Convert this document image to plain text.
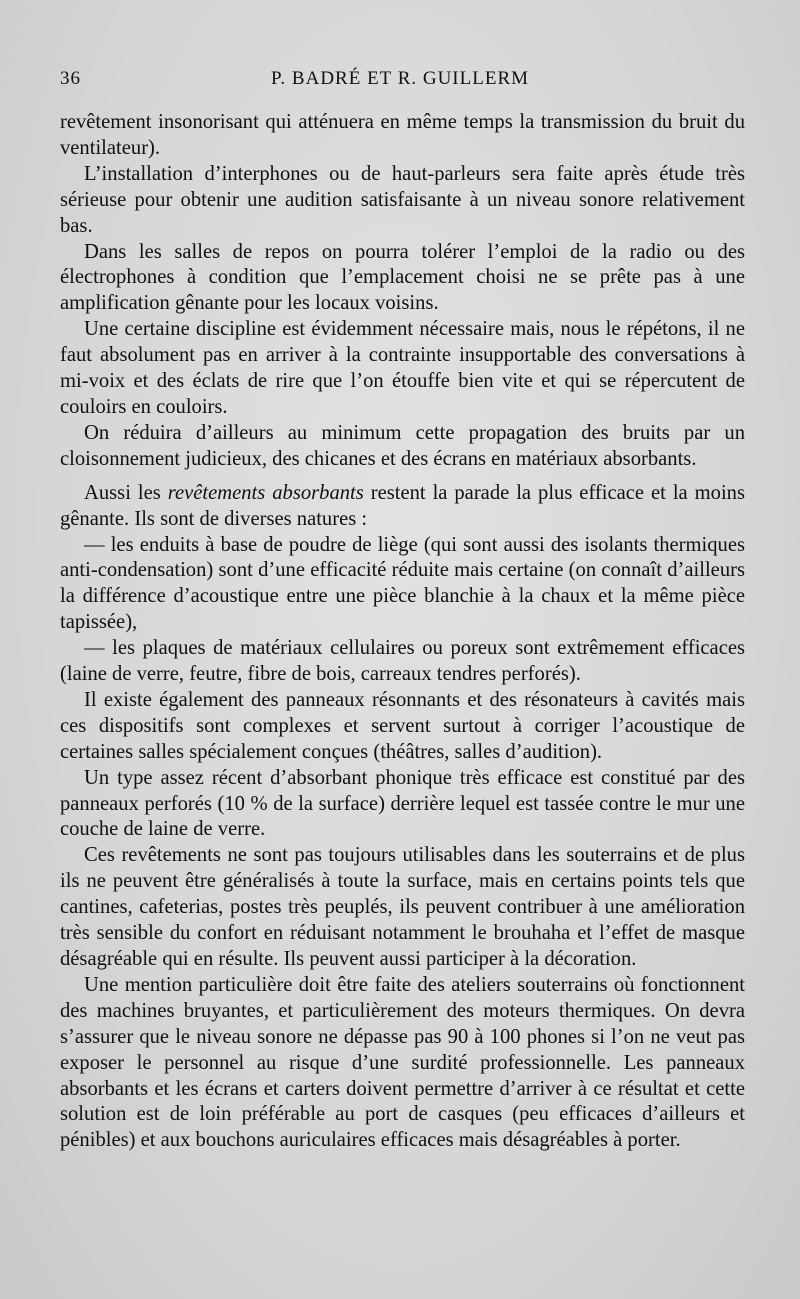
36	P. BADRÉ ET R. GUILLERM

revêtement insonorisant qui atténuera en même temps la transmission du bruit du ventilateur).

L’installation d’interphones ou de haut-parleurs sera faite après étude très sérieuse pour obtenir une audition satisfaisante à un niveau sonore relativement bas.

Dans les salles de repos on pourra tolérer l’emploi de la radio ou des électrophones à condition que l’emplacement choisi ne se prête pas à une amplification gênante pour les locaux voisins.

Une certaine discipline est évidemment nécessaire mais, nous le répétons, il ne faut absolument pas en arriver à la contrainte insupportable des conversations à mi-voix et des éclats de rire que l’on étouffe bien vite et qui se répercutent de couloirs en couloirs.

On réduira d’ailleurs au minimum cette propagation des bruits par un cloisonnement judicieux, des chicanes et des écrans en matériaux absorbants.

Aussi les revêtements absorbants restent la parade la plus efficace et la moins gênante. Ils sont de diverses natures :

— les enduits à base de poudre de liège (qui sont aussi des isolants thermiques anti-condensation) sont d’une efficacité réduite mais certaine (on connaît d’ailleurs la différence d’acoustique entre une pièce blanchie à la chaux et la même pièce tapissée),

— les plaques de matériaux cellulaires ou poreux sont extrêmement efficaces (laine de verre, feutre, fibre de bois, carreaux tendres perforés).

Il existe également des panneaux résonnants et des résonateurs à cavités mais ces dispositifs sont complexes et servent surtout à corriger l’acoustique de certaines salles spécialement conçues (théâtres, salles d’audition).

Un type assez récent d’absorbant phonique très efficace est constitué par des panneaux perforés (10 % de la surface) derrière lequel est tassée contre le mur une couche de laine de verre.

Ces revêtements ne sont pas toujours utilisables dans les souterrains et de plus ils ne peuvent être généralisés à toute la surface, mais en certains points tels que cantines, cafeterias, postes très peuplés, ils peuvent contribuer à une amélioration très sensible du confort en réduisant notamment le brouhaha et l’effet de masque désagréable qui en résulte. Ils peuvent aussi participer à la décoration.

Une mention particulière doit être faite des ateliers souterrains où fonctionnent des machines bruyantes, et particulièrement des moteurs thermiques. On devra s’assurer que le niveau sonore ne dépasse pas 90 à 100 phones si l’on ne veut pas exposer le personnel au risque d’une surdité professionnelle. Les panneaux absorbants et les écrans et carters doivent permettre d’arriver à ce résultat et cette solution est de loin préférable au port de casques (peu efficaces d’ailleurs et pénibles) et aux bouchons auriculaires efficaces mais désagréables à porter.
